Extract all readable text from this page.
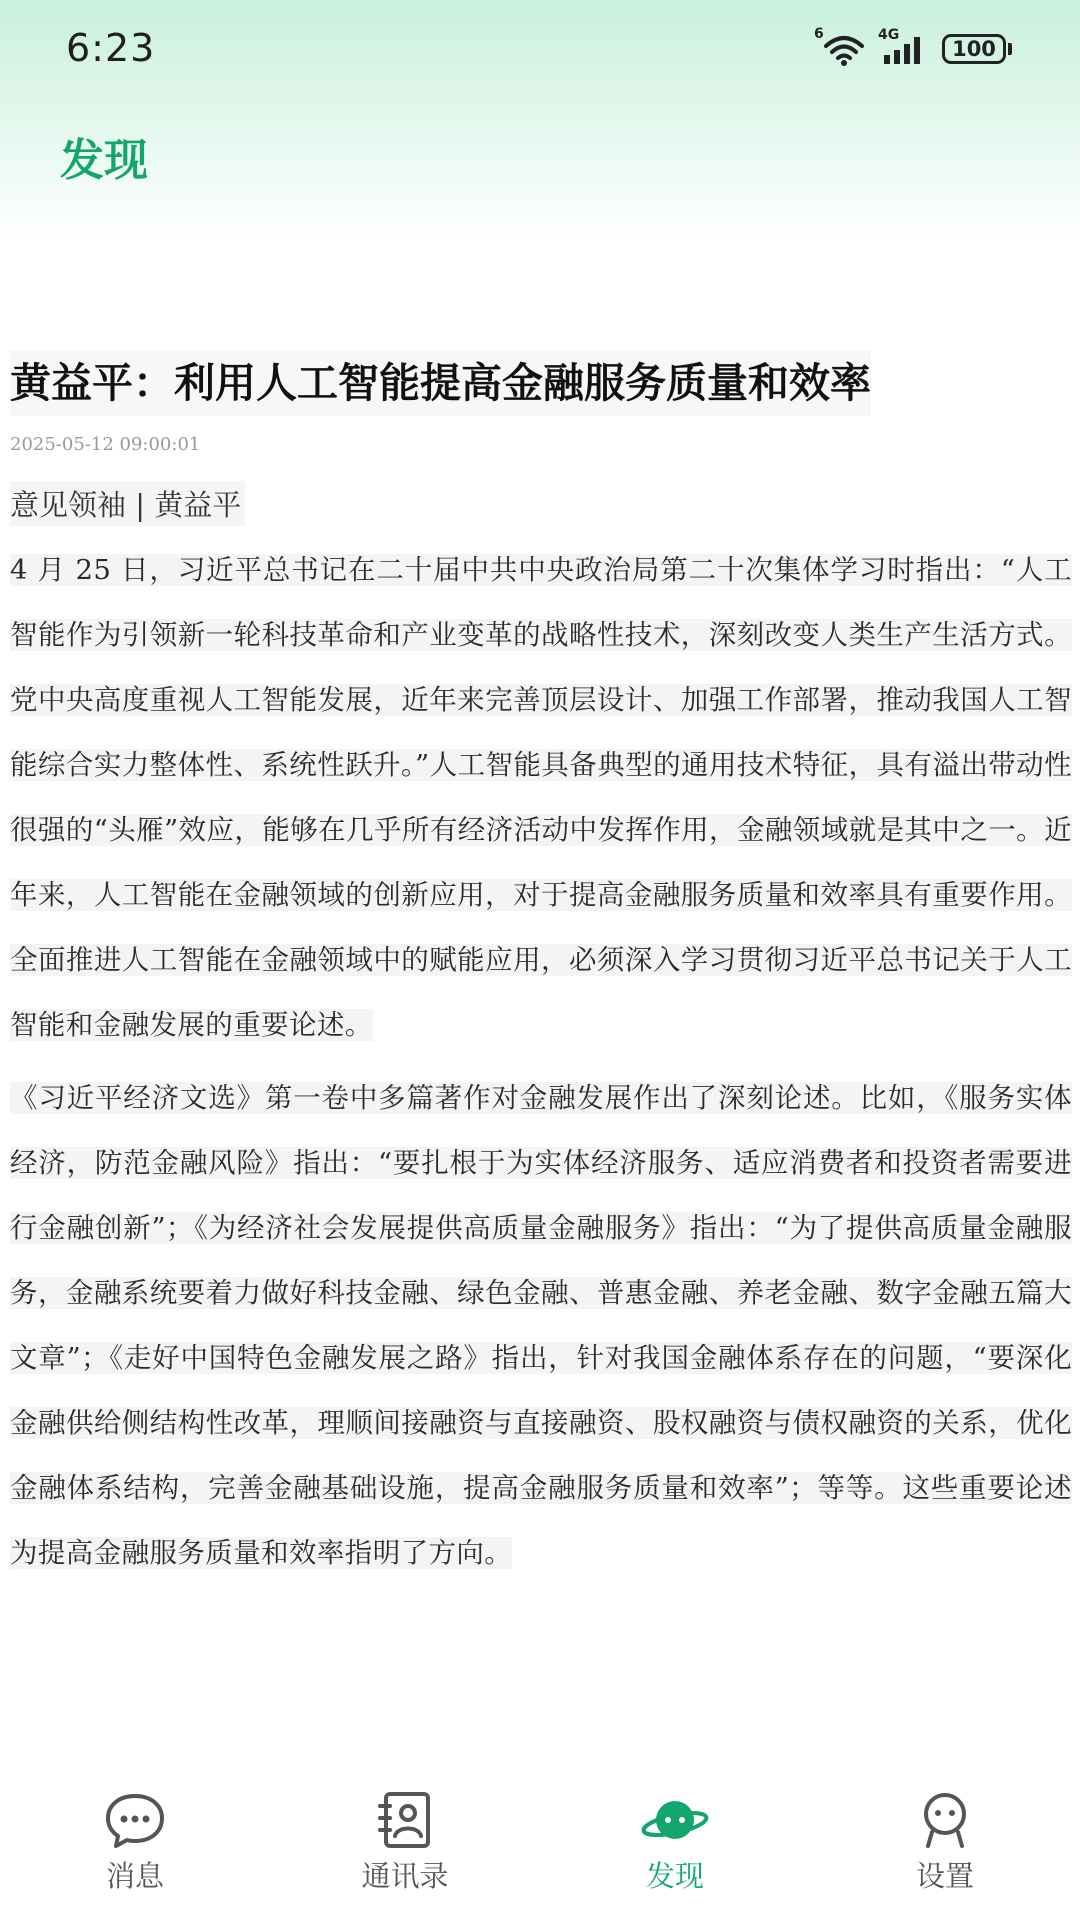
6:23	6	4G
100
发现
黄益平：利用人工智能提高金融服务质量和效率
2025-05-12 09:00:01
意见领袖 | 黄益平

4 月 25 日，习近平总书记在二十届中共中央政治局第二十次集体学习时指出：“人工智能作为引领新一轮科技革命和产业变革的战略性技术，深刻改变人类生产生活方式。党中央高度重视人工智能发展，近年来完善顶层设计、加强工作部署，推动我国人工智能综合实力整体性、系统性跃升。”人工智能具备典型的通用技术特征，具有溢出带动性很强的“头雁”效应，能够在几乎所有经济活动中发挥作用，金融领域就是其中之一。近年来，人工智能在金融领域的创新应用，对于提高金融服务质量和效率具有重要作用。全面推进人工智能在金融领域中的赋能应用，必须深入学习贯彻习近平总书记关于人工智能和金融发展的重要论述。

《习近平经济文选》第一卷中多篇著作对金融发展作出了深刻论述。比如，《服务实体经济，防范金融风险》指出：“要扎根于为实体经济服务、适应消费者和投资者需要进行金融创新”；《为经济社会发展提供高质量金融服务》指出：“为了提供高质量金融服务，金融系统要着力做好科技金融、绿色金融、普惠金融、养老金融、数字金融五篇大文章”；《走好中国特色金融发展之路》指出，针对我国金融体系存在的问题，“要深化金融供给侧结构性改革，理顺间接融资与直接融资、股权融资与债权融资的关系，优化金融体系结构，完善金融基础设施，提高金融服务质量和效率”；等等。这些重要论述为提高金融服务质量和效率指明了方向。

消息	通讯录	发现	设置
